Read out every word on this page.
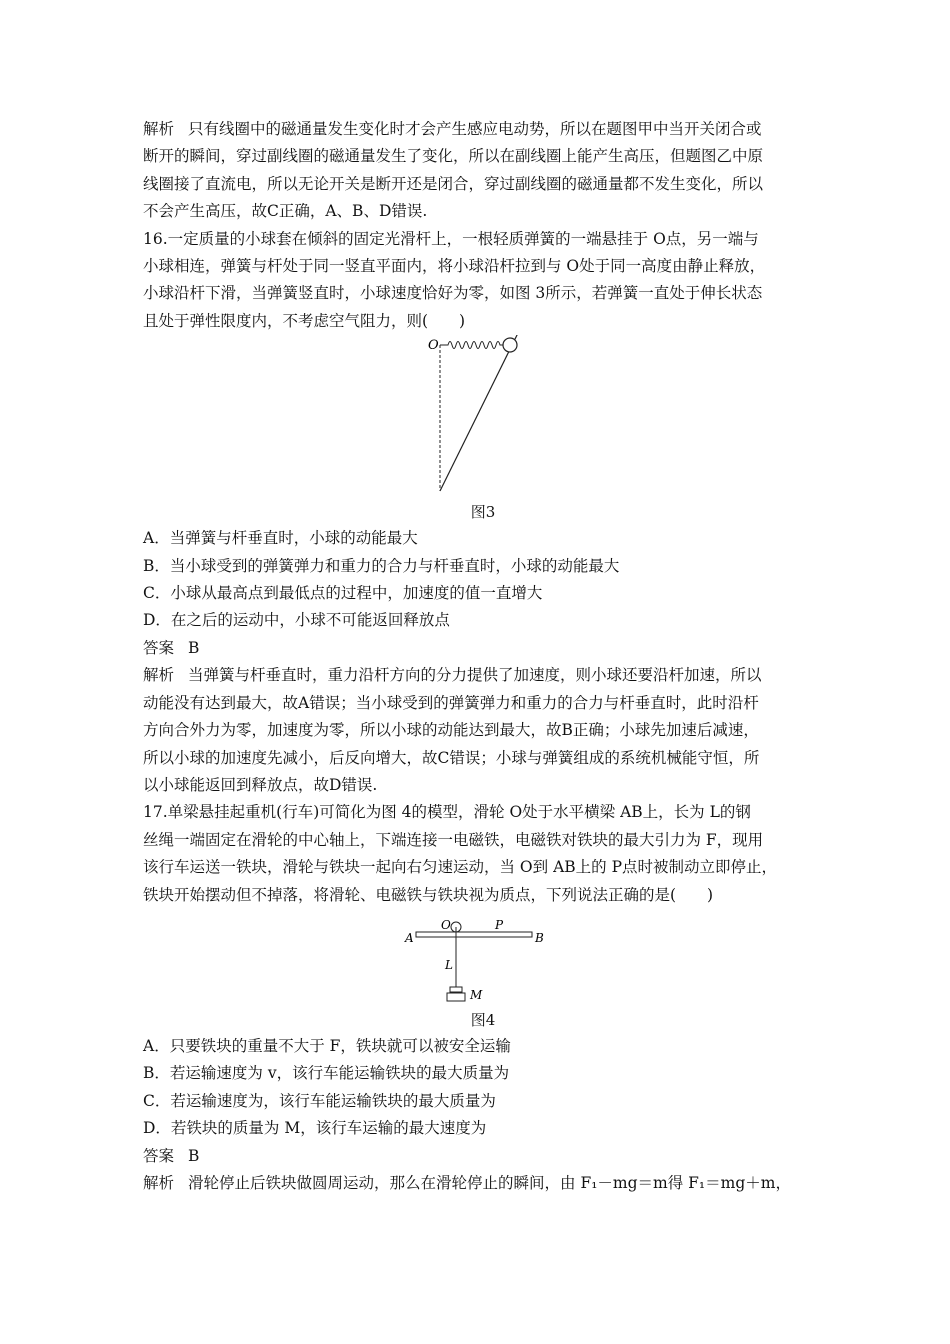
解析 只有线圈中的磁通量发生变化时才会产生感应电动势，所以在题图甲中当开关闭合或

断开的瞬间，穿过副线圈的磁通量发生了变化，所以在副线圈上能产生高压，但题图乙中原

线圈接了直流电，所以无论开关是断开还是闭合，穿过副线圈的磁通量都不发生变化，所以

不会产生高压，故C正确，A、B、D错误.

16.一定质量的小球套在倾斜的固定光滑杆上，一根轻质弹簧的一端悬挂于 O点，另一端与

小球相连，弹簧与杆处于同一竖直平面内，将小球沿杆拉到与 O处于同一高度由静止释放，

小球沿杆下滑，当弹簧竖直时，小球速度恰好为零，如图 3所示，若弹簧一直处于伸长状态

且处于弹性限度内，不考虑空气阻力，则(　　)

O

图3

A．当弹簧与杆垂直时，小球的动能最大

B．当小球受到的弹簧弹力和重力的合力与杆垂直时，小球的动能最大

C．小球从最高点到最低点的过程中，加速度的值一直增大

D．在之后的运动中，小球不可能返回释放点

答案 B

解析 当弹簧与杆垂直时，重力沿杆方向的分力提供了加速度，则小球还要沿杆加速，所以

动能没有达到最大，故A错误；当小球受到的弹簧弹力和重力的合力与杆垂直时，此时沿杆

方向合外力为零，加速度为零，所以小球的动能达到最大，故B正确；小球先加速后减速，

所以小球的加速度先减小，后反向增大，故C错误；小球与弹簧组成的系统机械能守恒，所

以小球能返回到释放点，故D错误.

17.单梁悬挂起重机(行车)可简化为图 4的模型，滑轮 O处于水平横梁 AB上，长为 L的钢

丝绳一端固定在滑轮的中心轴上，下端连接一电磁铁，电磁铁对铁块的最大引力为 F，现用

该行车运送一铁块，滑轮与铁块一起向右匀速运动，当 O到 AB上的 P点时被制动立即停止，

铁块开始摆动但不掉落，将滑轮、电磁铁与铁块视为质点，下列说法正确的是(　　)

O	P
A	B
L
M

图4

A．只要铁块的重量不大于 F，铁块就可以被安全运输

B．若运输速度为 v，该行车能运输铁块的最大质量为

C．若运输速度为，该行车能运输铁块的最大质量为

D．若铁块的质量为 M，该行车运输的最大速度为

答案 B

解析 滑轮停止后铁块做圆周运动，那么在滑轮停止的瞬间，由 F₁－mg＝m得 F₁＝mg＋m，
